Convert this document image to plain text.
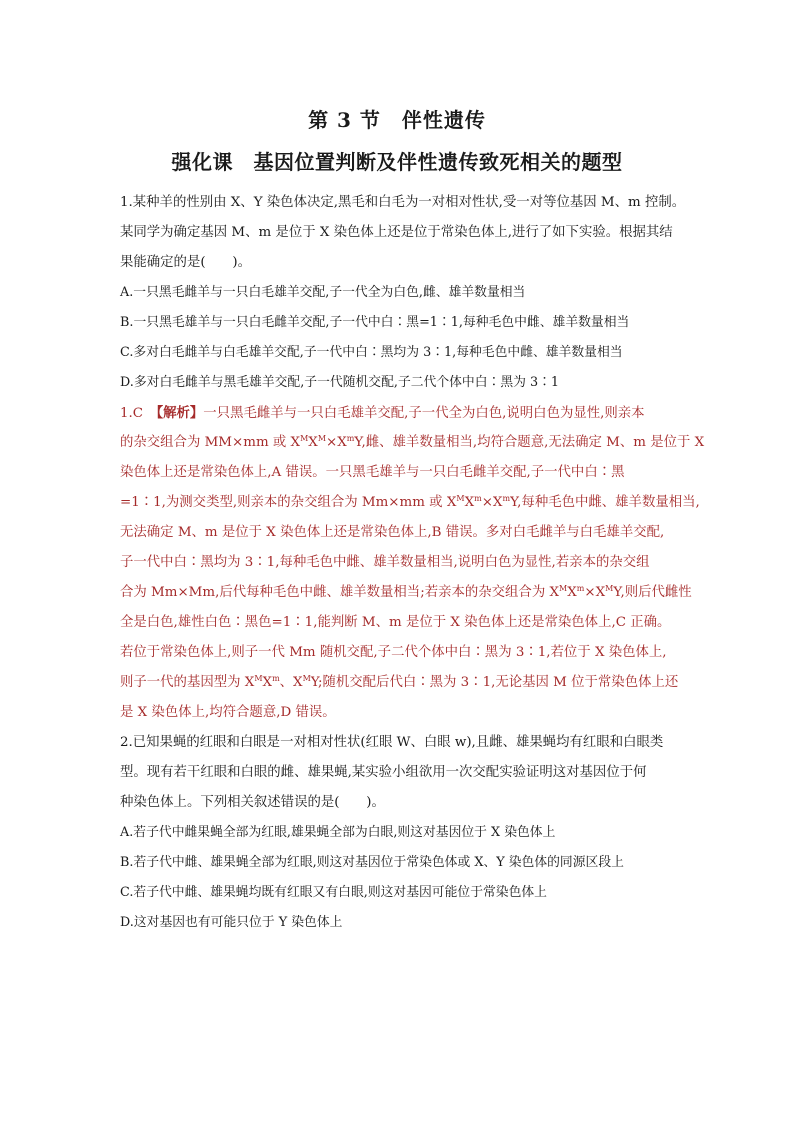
第 3 节　伴性遗传
强化课　基因位置判断及伴性遗传致死相关的题型
1.某种羊的性别由 X、Y 染色体决定,黑毛和白毛为一对相对性状,受一对等位基因 M、m 控制。
某同学为确定基因 M、m 是位于 X 染色体上还是位于常染色体上,进行了如下实验。根据其结
果能确定的是(　　)。
A.一只黑毛雌羊与一只白毛雄羊交配,子一代全为白色,雌、雄羊数量相当
B.一只黑毛雄羊与一只白毛雌羊交配,子一代中白∶黑=1∶1,每种毛色中雌、雄羊数量相当
C.多对白毛雌羊与白毛雄羊交配,子一代中白∶黑均为 3∶1,每种毛色中雌、雄羊数量相当
D.多对白毛雌羊与黑毛雄羊交配,子一代随机交配,子二代个体中白∶黑为 3∶1
1.C　【解析】一只黑毛雌羊与一只白毛雄羊交配,子一代全为白色,说明白色为显性,则亲本
的杂交组合为 MM×mm 或 $X^MX^M\times X^mY$,雌、雄羊数量相当,均符合题意,无法确定 M、m 是位于 X
染色体上还是常染色体上,A 错误。一只黑毛雄羊与一只白毛雌羊交配,子一代中白∶黑
=1∶1,为测交类型,则亲本的杂交组合为 Mm×mm 或 $X^MX^m\times X^mY$,每种毛色中雌、雄羊数量相当,
无法确定 M、m 是位于 X 染色体上还是常染色体上,B 错误。多对白毛雌羊与白毛雄羊交配,
子一代中白∶黑均为 3∶1,每种毛色中雌、雄羊数量相当,说明白色为显性,若亲本的杂交组
合为 Mm×Mm,后代每种毛色中雌、雄羊数量相当;若亲本的杂交组合为 $X^MX^m\times X^MY$,则后代雌性
全是白色,雄性白色∶黑色=1∶1,能判断 M、m 是位于 X 染色体上还是常染色体上,C 正确。
若位于常染色体上,则子一代 Mm 随机交配,子二代个体中白∶黑为 3∶1,若位于 X 染色体上,
则子一代的基因型为 $X^MX^m$、$X^MY$;随机交配后代白∶黑为 3∶1,无论基因 M 位于常染色体上还
是 X 染色体上,均符合题意,D 错误。
2.已知果蝇的红眼和白眼是一对相对性状(红眼 W、白眼 w),且雌、雄果蝇均有红眼和白眼类
型。现有若干红眼和白眼的雌、雄果蝇,某实验小组欲用一次交配实验证明这对基因位于何
种染色体上。下列相关叙述错误的是(　　)。
A.若子代中雌果蝇全部为红眼,雄果蝇全部为白眼,则这对基因位于 X 染色体上
B.若子代中雌、雄果蝇全部为红眼,则这对基因位于常染色体或 X、Y 染色体的同源区段上
C.若子代中雌、雄果蝇均既有红眼又有白眼,则这对基因可能位于常染色体上
D.这对基因也有可能只位于 Y 染色体上
